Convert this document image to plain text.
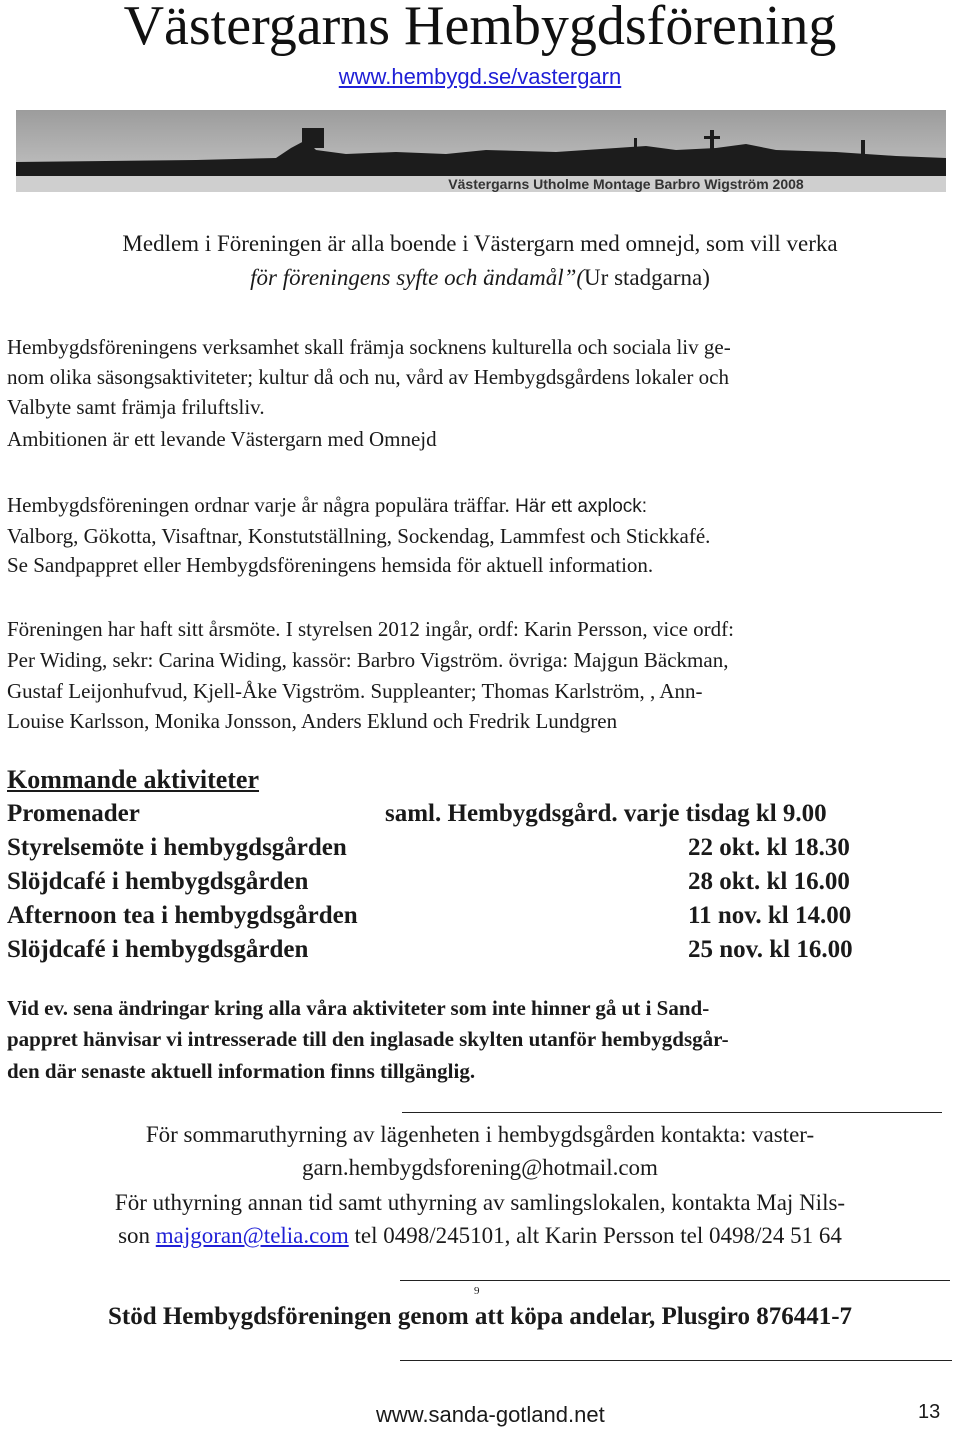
Västergarns Hembygdsförening
www.hembygd.se/vastergarn
Västergarns Utholme Montage Barbro Wigström 2008
Medlem i Föreningen är alla boende i Västergarn med omnejd, som vill verka
för föreningens syfte och ändamål”(Ur stadgarna)
Hembygdsföreningens verksamhet skall främja socknens kulturella och sociala liv ge-
nom olika säsongsaktiviteter; kultur då och nu, vård av Hembygdsgårdens lokaler och
Valbyte samt främja friluftsliv.
Ambitionen är ett levande Västergarn med Omnejd
Hembygdsföreningen ordnar varje år några populära träffar. Här ett axplock:
Valborg, Gökotta, Visaftnar, Konstutställning, Sockendag, Lammfest och Stickkafé.
Se Sandpappret eller Hembygdsföreningens hemsida för aktuell information.
Föreningen har haft sitt årsmöte. I styrelsen 2012 ingår, ordf: Karin Persson, vice ordf:
Per Widing, sekr: Carina Widing, kassör: Barbro Vigström. övriga: Majgun Bäckman,
Gustaf Leijonhufvud, Kjell-Åke Vigström. Suppleanter; Thomas Karlström, , Ann-
Louise Karlsson, Monika Jonsson, Anders Eklund och Fredrik Lundgren
Kommande aktiviteter
Promenader	saml. Hembygdsgård. varje tisdag kl 9.00
Styrelsemöte i hembygdsgården	22 okt. kl 18.30
Slöjdcafé i hembygdsgården	28 okt. kl 16.00
Afternoon tea i hembygdsgården	11 nov. kl 14.00
Slöjdcafé i hembygdsgården	25 nov. kl 16.00
Vid ev. sena ändringar kring alla våra aktiviteter som inte hinner gå ut i Sand-
pappret hänvisar vi intresserade till den inglasade skylten utanför hembygdsgår-
den där senaste aktuell information finns tillgänglig.
För sommaruthyrning av lägenheten i hembygdsgården kontakta: vaster-
garn.hembygdsforening@hotmail.com
För uthyrning annan tid samt uthyrning av samlingslokalen, kontakta Maj Nils-
son majgoran@telia.com tel 0498/245101, alt Karin Persson tel 0498/24 51 64
9
Stöd Hembygdsföreningen genom att köpa andelar, Plusgiro 876441-7
www.sanda-gotland.net	13
